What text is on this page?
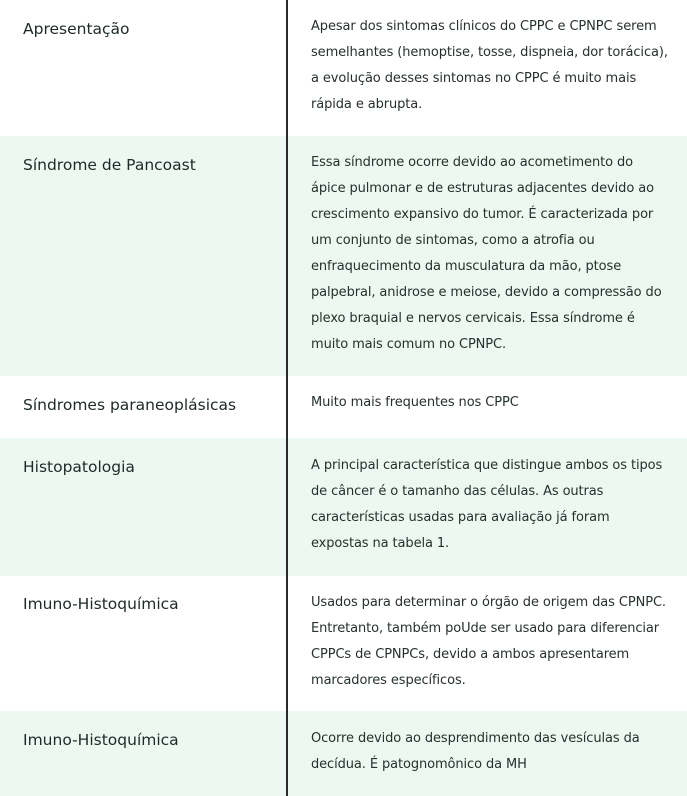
Apresentação	Apesar dos sintomas clínicos do CPPC e CPNPC serem semelhantes (hemoptise, tosse, dispneia, dor torácica), a evolução desses sintomas no CPPC é muito mais rápida e abrupta.
Síndrome de Pancoast	Essa síndrome ocorre devido ao acometimento do ápice pulmonar e de estruturas adjacentes devido ao crescimento expansivo do tumor. É caracterizada por um conjunto de sintomas, como a atrofia ou enfraquecimento da musculatura da mão, ptose palpebral, anidrose e meiose, devido a compressão do plexo braquial e nervos cervicais. Essa síndrome é muito mais comum no CPNPC.
Síndromes paraneoplásicas	Muito mais frequentes nos CPPC
Histopatologia	A principal característica que distingue ambos os tipos de câncer é o tamanho das células. As outras características usadas para avaliação já foram expostas na tabela 1.
Imuno-Histoquímica	Usados para determinar o órgão de origem das CPNPC. Entretanto, também poUde ser usado para diferenciar CPPCs de CPNPCs, devido a ambos apresentarem marcadores específicos.
Imuno-Histoquímica	Ocorre devido ao desprendimento das vesículas da decídua. É patognomônico da MH
